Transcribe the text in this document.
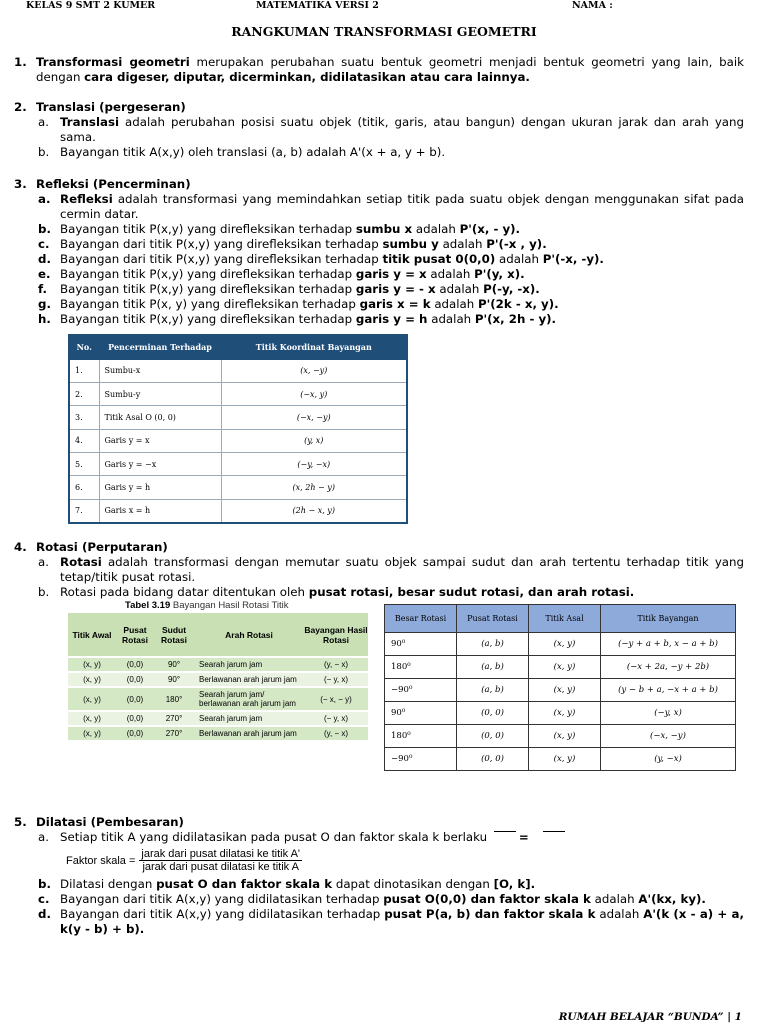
KELAS 9 SMT 2 KUMER	MATEMATIKA VERSI 2	NAMA :
RANGKUMAN TRANSFORMASI GEOMETRI
1. Transformasi geometri merupakan perubahan suatu bentuk geometri menjadi bentuk geometri yang lain, baik dengan cara digeser, diputar, dicerminkan, didilatasikan atau cara lainnya.
2. Translasi (pergeseran)
a. Translasi adalah perubahan posisi suatu objek (titik, garis, atau bangun) dengan ukuran jarak dan arah yang sama.
b. Bayangan titik A(x,y) oleh translasi (a, b) adalah A'(x + a, y + b).
3. Refleksi (Pencerminan)
a. Refleksi adalah transformasi yang memindahkan setiap titik pada suatu objek dengan menggunakan sifat pada cermin datar.
b. Bayangan titik P(x,y) yang direfleksikan terhadap sumbu x adalah P'(x, - y).
c. Bayangan dari titik P(x,y) yang direfleksikan terhadap sumbu y adalah P'(-x , y).
d. Bayangan dari titik P(x,y) yang direfleksikan terhadap titik pusat 0(0,0) adalah P'(-x, -y).
e. Bayangan titik P(x,y) yang direfleksikan terhadap garis y = x adalah P'(y, x).
f. Bayangan titik P(x,y) yang direfleksikan terhadap garis y = - x adalah P(-y, -x).
g. Bayangan titik P(x, y) yang direfleksikan terhadap garis x = k adalah P'(2k - x, y).
h. Bayangan titik P(x,y) yang direfleksikan terhadap garis y = h adalah P'(x, 2h - y).
No.	Pencerminan Terhadap	Titik Koordinat Bayangan
1.	Sumbu-x	(x, −y)
2.	Sumbu-y	(−x, y)
3.	Titik Asal O (0, 0)	(−x, −y)
4.	Garis y = x	(y, x)
5.	Garis y = −x	(−y, −x)
6.	Garis y = h	(x, 2h − y)
7.	Garis x = h	(2h − x, y)
4. Rotasi (Perputaran)
a. Rotasi adalah transformasi dengan memutar suatu objek sampai sudut dan arah tertentu terhadap titik yang tetap/titik pusat rotasi.
b. Rotasi pada bidang datar ditentukan oleh pusat rotasi, besar sudut rotasi, dan arah rotasi.
Tabel 3.19 Bayangan Hasil Rotasi Titik
Titik Awal	Pusat Rotasi	Sudut Rotasi	Arah Rotasi	Bayangan Hasil Rotasi
(x, y)	(0,0)	90°	Searah jarum jam	(y, − x)
(x, y)	(0,0)	90°	Berlawanan arah jarum jam	(− y, x)
(x, y)	(0,0)	180°	Searah jarum jam/ berlawanan arah jarum jam	(− x, − y)
(x, y)	(0,0)	270°	Searah jarum jam	(− y, x)
(x, y)	(0,0)	270°	Berlawanan arah jarum jam	(y, − x)
Besar Rotasi	Pusat Rotasi	Titik Asal	Titik Bayangan
90⁰	(a, b)	(x, y)	(−y + a + b, x − a + b)
180⁰	(a, b)	(x, y)	(−x + 2a, −y + 2b)
−90⁰	(a, b)	(x, y)	(y − b + a, −x + a + b)
90⁰	(0, 0)	(x, y)	(−y, x)
180⁰	(0, 0)	(x, y)	(−x, −y)
−90⁰	(0, 0)	(x, y)	(y, −x)
5. Dilatasi (Pembesaran)
a. Setiap titik A yang didilatasikan pada pusat O dan faktor skala k berlaku	=
Faktor skala = $\frac{\text{jarak dari pusat dilatasi ke titik A'}}{\text{jarak dari pusat dilatasi ke titik A}}$
b. Dilatasi dengan pusat O dan faktor skala k dapat dinotasikan dengan [O, k].
c. Bayangan dari titik A(x,y) yang didilatasikan terhadap pusat O(0,0) dan faktor skala k adalah A'(kx, ky).
d. Bayangan dari titik A(x,y) yang didilatasikan terhadap pusat P(a, b) dan faktor skala k adalah A'(k (x - a) + a, k(y - b) + b).
RUMAH BELAJAR “BUNDA” | 1
